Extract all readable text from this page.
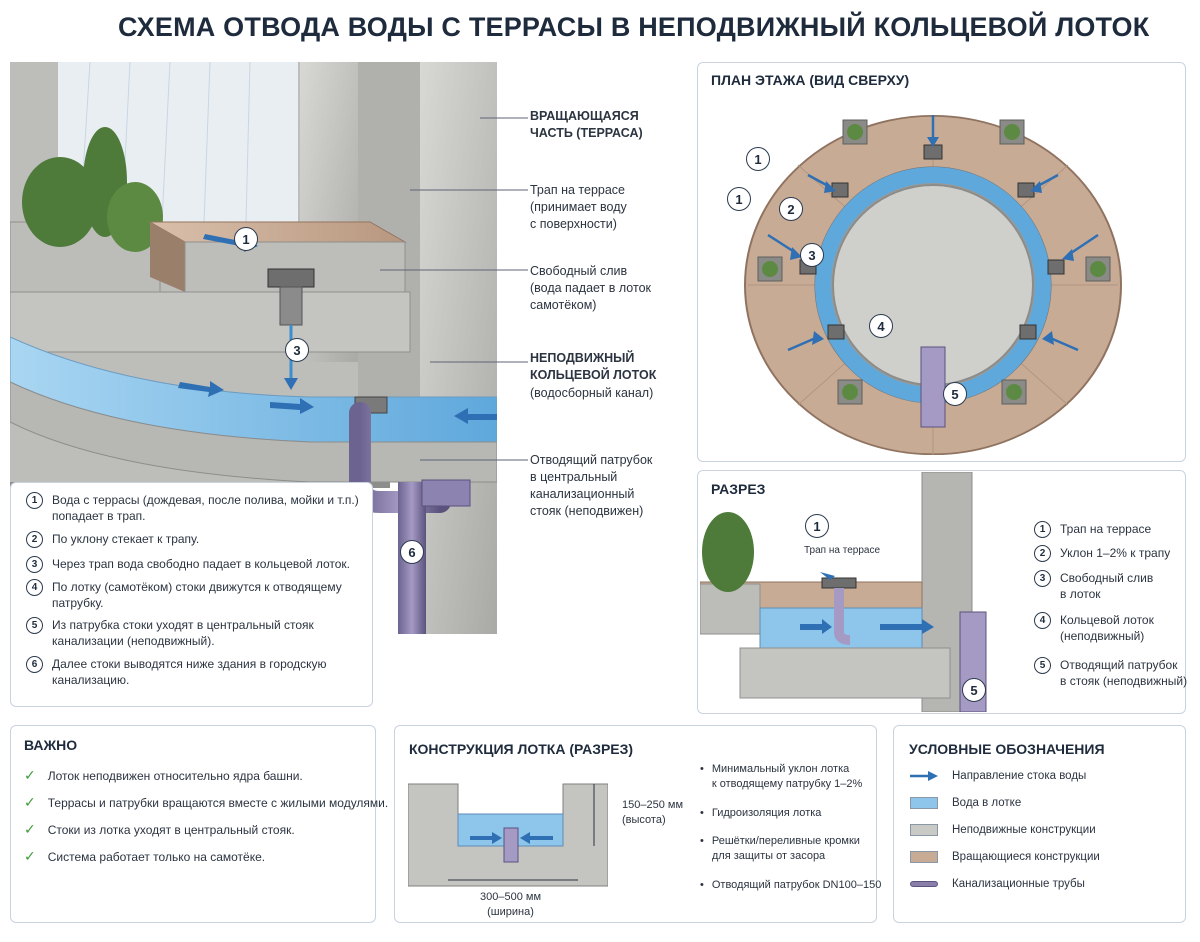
СХЕМА ОТВОДА ВОДЫ С ТЕРРАСЫ В НЕПОДВИЖНЫЙ КОЛЬЦЕВОЙ ЛОТОК
1
3
6
ВРАЩАЮЩАЯСЯ
ЧАСТЬ (ТЕРРАСА)
Трап на террасе
(принимает воду
с поверхности)
Свободный слив
(вода падает в лоток
самотёком)
НЕПОДВИЖНЫЙ
КОЛЬЦЕВОЙ ЛОТОК
(водосборный канал)
Отводящий патрубок
в центральный
канализационный
стояк (неподвижен)
1	Вода с террасы (дождевая, после полива, мойки и т.п.) попадает в трап.
2	По уклону стекает к трапу.
3	Через трап вода свободно падает в кольцевой лоток.
4	По лотку (самотёком) стоки движутся к отводящему патрубку.
5	Из патрубка стоки уходят в центральный стояк канализации (неподвижный).
6	Далее стоки выводятся ниже здания в городскую канализацию.
ПЛАН ЭТАЖА (ВИД СВЕРХУ)
1
1
2
3
4
5
РАЗРЕЗ
1
Трап на террасе
5
1	Трап на террасе
2	Уклон 1–2% к трапу
3	Свободный слив
в лоток
4	Кольцевой лоток
(неподвижный)
5	Отводящий патрубок
в стояк (неподвижный)
ВАЖНО
✓ Лоток неподвижен относительно ядра башни.
✓ Террасы и патрубки вращаются вместе с жилыми модулями.
✓ Стоки из лотка уходят в центральный стояк.
✓ Система работает только на самотёке.
КОНСТРУКЦИЯ ЛОТКА (РАЗРЕЗ)
150–250 мм
(высота)
300–500 мм
(ширина)
• Минимальный уклон лотка
к отводящему патрубку 1–2%
• Гидроизоляция лотка
• Решётки/переливные кромки
для защиты от засора
• Отводящий патрубок DN100–150
УСЛОВНЫЕ ОБОЗНАЧЕНИЯ
Направление стока воды
Вода в лотке
Неподвижные конструкции
Вращающиеся конструкции
Канализационные трубы
